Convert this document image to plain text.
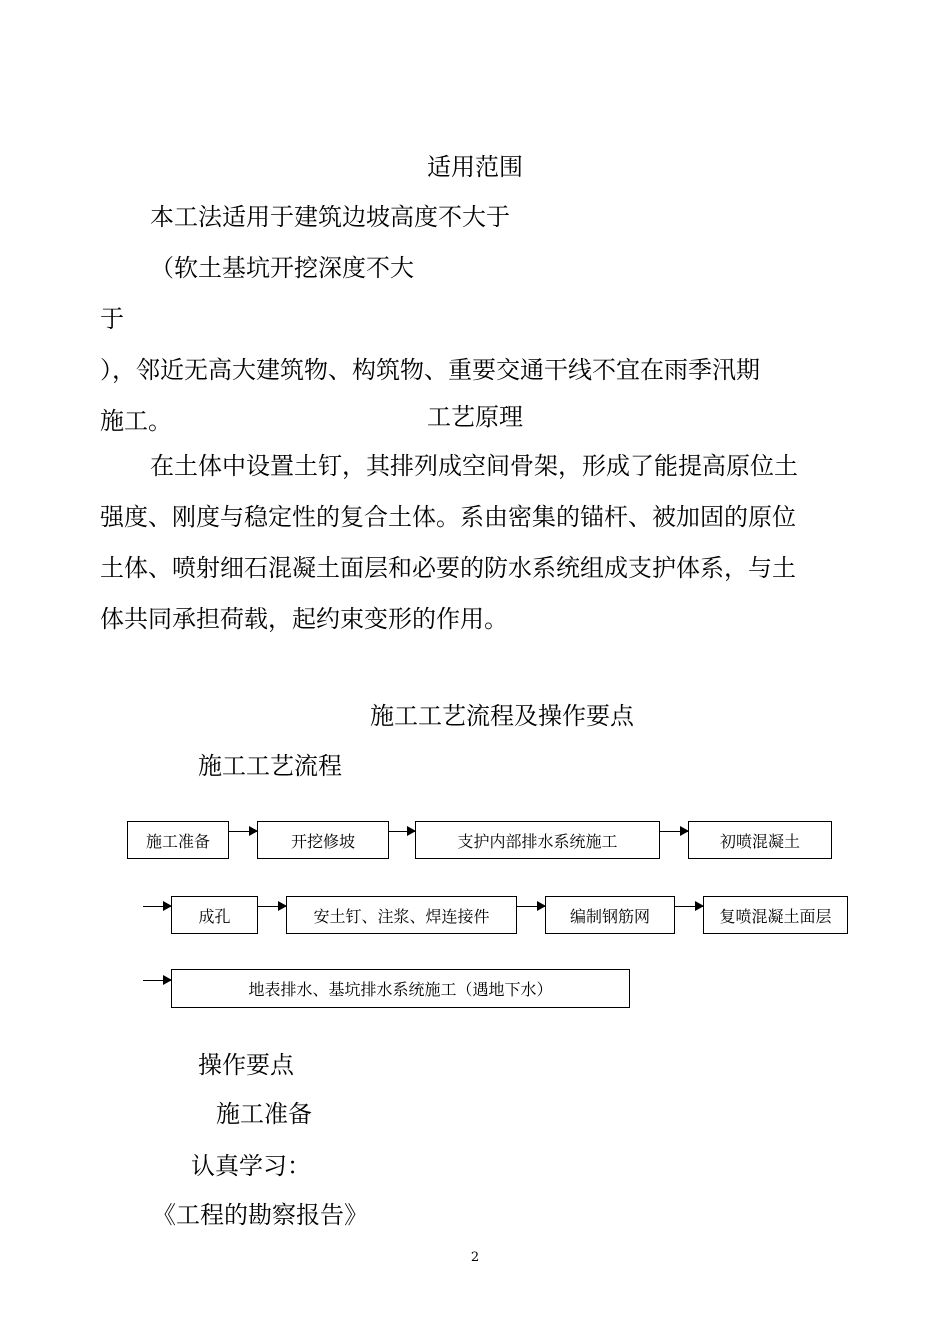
适用范围
本工法适用于建筑边坡高度不大于
（软土基坑开挖深度不大
于
），邻近无高大建筑物、构筑物、重要交通干线不宜在雨季汛期
施工。	工艺原理
在土体中设置土钉，其排列成空间骨架，形成了能提高原位土
强度、刚度与稳定性的复合土体。系由密集的锚杆、被加固的原位
土体、喷射细石混凝土面层和必要的防水系统组成支护体系，与土
体共同承担荷载，起约束变形的作用。
施工工艺流程及操作要点
施工工艺流程
施工准备	开挖修坡	支护内部排水系统施工	初喷混凝土
成孔	安土钉、注浆、焊连接件	编制钢筋网	复喷混凝土面层
地表排水、基坑排水系统施工（遇地下水）
操作要点
施工准备
认真学习：
《工程的勘察报告》
2
